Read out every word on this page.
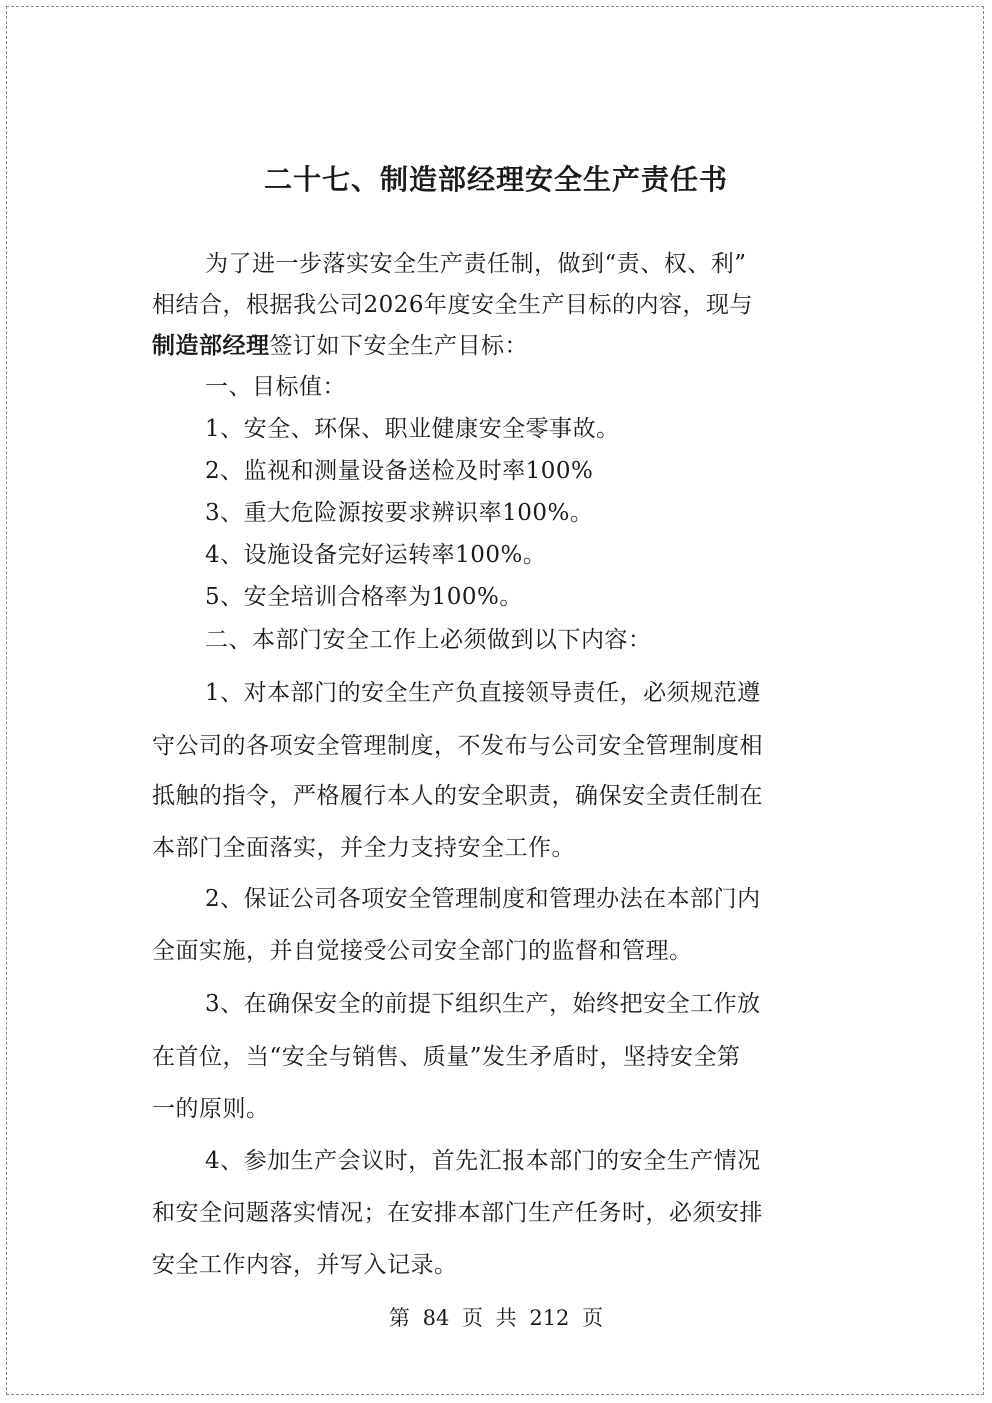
二十七、制造部经理安全生产责任书
为了进一步落实安全生产责任制，做到“责、权、利”
相结合，根据我公司2026年度安全生产目标的内容，现与
制造部经理签订如下安全生产目标：
一、目标值：
1、安全、环保、职业健康安全零事故。
2、监视和测量设备送检及时率100%
3、重大危险源按要求辨识率100%。
4、设施设备完好运转率100%。
5、安全培训合格率为100%。
二、本部门安全工作上必须做到以下内容：
1、对本部门的安全生产负直接领导责任，必须规范遵
守公司的各项安全管理制度，不发布与公司安全管理制度相
抵触的指令，严格履行本人的安全职责，确保安全责任制在
本部门全面落实，并全力支持安全工作。
2、保证公司各项安全管理制度和管理办法在本部门内
全面实施，并自觉接受公司安全部门的监督和管理。
3、在确保安全的前提下组织生产，始终把安全工作放
在首位，当“安全与销售、质量”发生矛盾时，坚持安全第
一的原则。
4、参加生产会议时，首先汇报本部门的安全生产情况
和安全问题落实情况；在安排本部门生产任务时，必须安排
安全工作内容，并写入记录。
第 84 页 共 212 页
